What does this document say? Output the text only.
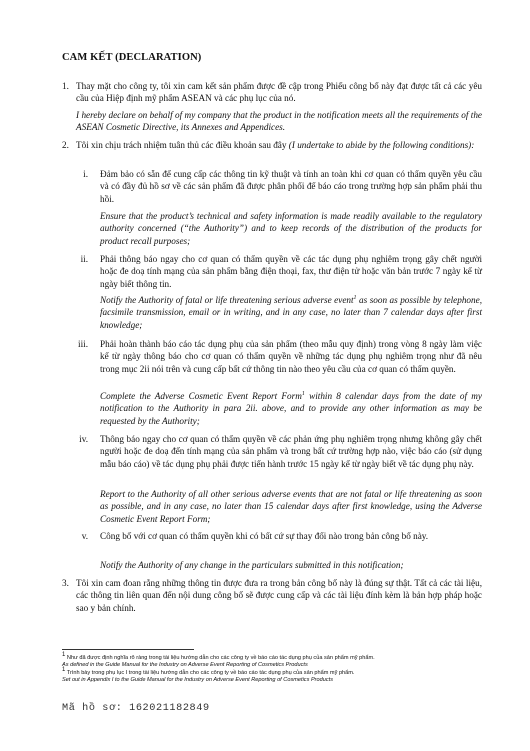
CAM KẾT (DECLARATION)
1. Thay mặt cho công ty, tôi xin cam kết sản phẩm được đề cập trong Phiếu công bố này đạt được tất cả các yêu cầu của Hiệp định mỹ phẩm ASEAN và các phụ lục của nó.
I hereby declare on behalf of my company that the product in the notification meets all the requirements of the ASEAN Cosmetic Directive, its Annexes and Appendices.
2. Tôi xin chịu trách nhiệm tuân thủ các điều khoản sau đây (I undertake to abide by the following conditions):
i. Đảm bảo có sẵn để cung cấp các thông tin kỹ thuật và tính an toàn khi cơ quan có thẩm quyền yêu cầu và có đầy đủ hồ sơ về các sản phẩm đã được phân phối để báo cáo trong trường hợp sản phẩm phải thu hồi.
Ensure that the product’s technical and safety information is made readily available to the regulatory authority concerned (“the Authority”) and to keep records of the distribution of the products for product recall purposes;
ii. Phải thông báo ngay cho cơ quan có thẩm quyền về các tác dụng phụ nghiêm trọng gây chết người hoặc đe doạ tính mạng của sản phẩm bằng điện thoại, fax, thư điện tử hoặc văn bản trước 7 ngày kể từ ngày biết thông tin.
Notify the Authority of fatal or life threatening serious adverse event$^1$ as soon as possible by telephone, facsimile transmission, email or in writing, and in any case, no later than 7 calendar days after first knowledge;
iii. Phải hoàn thành báo cáo tác dụng phụ của sản phẩm (theo mẫu quy định) trong vòng 8 ngày làm việc kể từ ngày thông báo cho cơ quan có thẩm quyền về những tác dụng phụ nghiêm trọng như đã nêu trong mục 2ii nói trên và cung cấp bất cứ thông tin nào theo yêu cầu của cơ quan có thẩm quyền.
Complete the Adverse Cosmetic Event Report Form$^1$ within 8 calendar days from the date of my notification to the Authority in para 2ii. above, and to provide any other information as may be requested by the Authority;
iv. Thông báo ngay cho cơ quan có thẩm quyền về các phản ứng phụ nghiêm trọng nhưng không gây chết người hoặc đe doạ đến tính mạng của sản phẩm và trong bất cứ trường hợp nào, việc báo cáo (sử dụng mẫu báo cáo) về tác dụng phụ phải được tiến hành trước 15 ngày kể từ ngày biết về tác dụng phụ này.
Report to the Authority of all other serious adverse events that are not fatal or life threatening as soon as possible, and in any case, no later than 15 calendar days after first knowledge, using the Adverse Cosmetic Event Report Form;
v. Công bố với cơ quan có thẩm quyền khi có bất cứ sự thay đổi nào trong bản công bố này.
Notify the Authority of any change in the particulars submitted in this notification;
3. Tôi xin cam đoan rằng những thông tin được đưa ra trong bản công bố này là đúng sự thật. Tất cả các tài liệu, các thông tin liên quan đến nội dung công bố sẽ được cung cấp và các tài liệu đính kèm là bản hợp pháp hoặc sao y bản chính.
$^1$ Như đã được định nghĩa rõ ràng trong tài liệu hướng dẫn cho các công ty về báo cáo tác dụng phụ của sản phẩm mỹ phẩm.
As defined in the Guide Manual for the Industry on Adverse Event Reporting of Cosmetics Products
$^1$ Trình bày trong phụ lục I trong tài liệu hướng dẫn cho các công ty về báo cáo tác dụng phụ của sản phẩm mỹ phẩm.
Set out in Appendix I to the Guide Manual for the Industry on Adverse Event Reporting of Cosmetics Products
Mã hồ sơ: 162021182849
